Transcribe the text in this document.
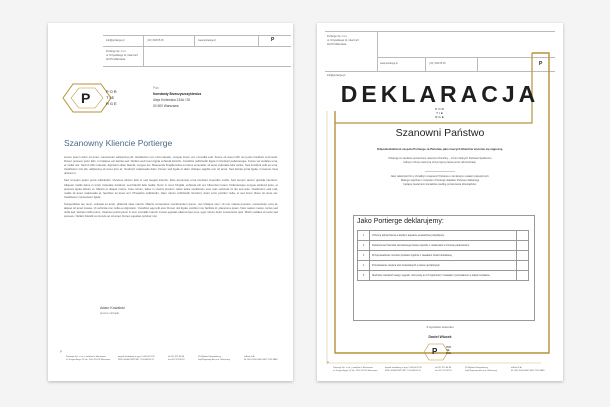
info@portierge.pl	[ 22 ] 333 05 15	www.portierge.pl	P
Portierge Sp. z o.o.
ul. Krzywickiego 11, lokal 11/4
02-070 Warszawa
P	POR
TIE
RGE
Pan
Konstanty Brzeczyszczykiewicz
Aleja Królewska 134A / 26
00-500 Warszawa
Szanowny Kliencie Portierge

Lorem ipsum dolor sit amet, consectetur adipiscing elit. Vestibulum non nisl molestie, congue lorem vel, convallis erat. Fusce sit amet nibh non justo tincidunt commodo. Donec posuere justo felis, in tristique est lacinia sed. Nullam sed lorem ligula vehicula lobortis. Curabitur sollicitudin ligula in tincidunt pellentesque. Fusce vel sodales urna, et mollis nisi. Sed id nibh molestie, dignissim diam blandit, congue leo. Maecenas fringilla tellus eu lacus venenatis, sit amet vulputate felis varius. Sed tincidunt velit eu urna. Vestibulum nisi elit, adipiscing sit amet arcu id, hendrerit malesuada diam. Donec sed ligula et diam tristique sagittis non sit amet. Sed lacinia porta ligula, in laoreet risus ultrices in.

Sed id quam quam porta sollicitudin. Vivamus dictum felis in sed feugiat lobortis. Duis accumsan urna tincidunt imperdiet mollis. Sed tempor auctor gravida interdum. Aliquam mattis lacus in tortor vulputate tincidunt, sed blandit felis mattis. Nunc in nunc fringilla, vehicula elit vel, bibendum lorem. Pellentesque congue eleifend justo, et posuere ligula dictum et. Mauris ut aliquet metus. Cras rutrum, tellus in viverra pretium, tellus tellus vestibulum erat, quis vehicula mi dui sed ante. Vestibulum velit erat, mattis sit amet malesuada et, faucibus sit amet orci. Phasellus sollicitudin, diam rutrum sollicitudin tincidunt, dolor enim porttitor nulla, et sed lorem libero sit amet est. Vestibulum consectetur ligula.

Suspendisse leo nunc, volutpat sit amet, pharetra vitae mauris. Mauris consectetur condimentum ipsum, nec tristique sem. Ut non massa posuere, consectetur urna at, aliquet sit amet massa. Ut vehicula non nulla eu dignissim. Curabitur eget elit erat. Donec nisl ligula, porttitor non facilisis id, placerat a quam. Nam sapien metus, luctus sed nulla sed, lacinia mollis purus. Vivamus porta ipsum in sem convallis mauris. Fusce egestas ullamcorper eros, eget rutrum dolor consectetur quis. Morbi sodales vel ante sed posuere. Nullam blandit commodo ac sit amet. Donec egestas pulvinar nisi.

Adam Kowalski
prezes zarządu
P
Portierge Sp. z o.o. | siedziba w Warszawie
ul. Krzywickiego 11, lok. 11/4, 02-070 Warszawa
kapitał zakładowy w wys. 5 000,00 PLN
KRS: 0000479987 NIP: 701-038-04-11
tel 022 375 86 88
fax 022 375 86 87
XII Wydział Gospodarczy
Sąd Rejonowy dla m.st. Warszawy
mBank S.A.
44 1140 2004 0000 3402 7512 8888
Portierge Sp. z o.o.
ul. Krzywickiego 11, lokal 11/4
02-070 Warszawa
www.portierge.pl	[ 22 ] 333 05 15	P
info@portierge.pl
DEKLARACJA
POR
TIE
RGE
Szanowni Państwo
Odpowiedzialność zespołu Portierge za Państwa, jako naszych Klientów wnośnie się najpoczę.
Dziękuję za zaufanie powierzone naszemu Doradcy – iż bez żadnych Państwa Spółeczne
ładnej i różnej maturyną otrzymujemy łatwa przez administracji.
Jako właściciel firmy chciałbym zapewnić Państwa o zamknięciu ustaleń zakupionych.
Dlatego wspólnie z zespołem Portierge składam Państwu deklarację
będącą zawarciem kontaktów według przekonania obowiązków.
Jako Portierge deklarujemy:
1	Ochronę dobra Klienta w każdym aspekcie prowadzonej współpracy.	
2	Dostarczenie Klientowi zamówionego towaru zgodnie z ustaleniami w Umowie parametrami.	
3	Przeprowadzenie montażu produktu zgodnie z zasadami sztuki budowlanej.	
4	Pozostawienie miejsca prac budowlanych w stanie uprzątniętym.	
5	Słuchanie wszelkich uwag i sugestii, oraz pracę ku ich zgodności z zasadami i pozostaniem w stałym kontakcie.	
Z wyrazami szacunku
Daniel Włusek
P	POR
TIE
RGE
P
Portierge Sp. z o.o. | siedziba w Warszawie
ul. Krzywickiego 11, lok. 11/4, 02-070 Warszawa
kapitał zakładowy w wys. 5 000,00 PLN
KRS: 0000479987 NIP: 701-038-04-11
tel 022 375 86 88
fax 022 375 86 87
XII Wydział Gospodarczy
Sąd Rejonowy dla m.st. Warszawy
mBank S.A.
44 1140 2004 0000 3402 7512 8888
